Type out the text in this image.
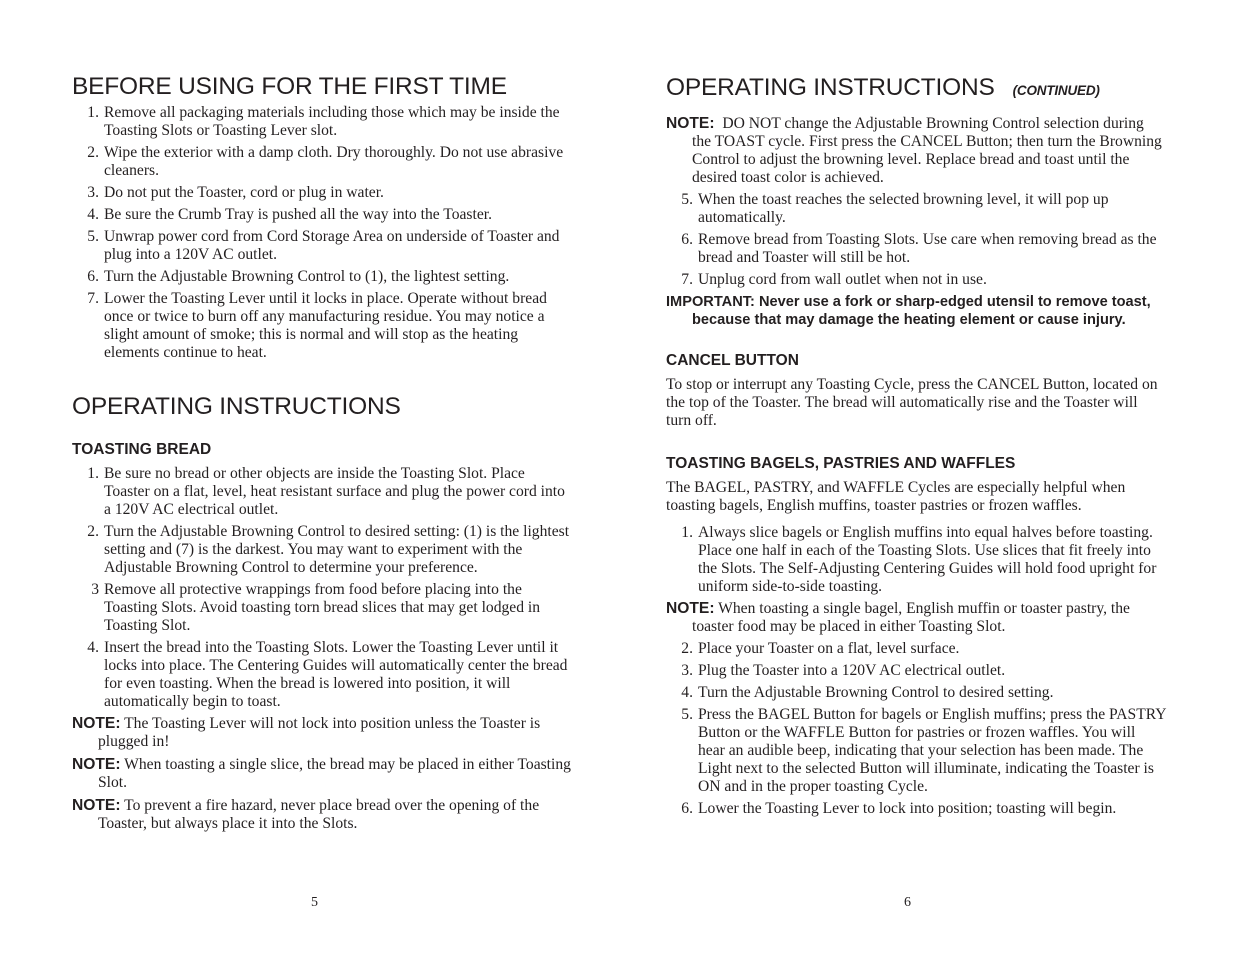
BEFORE USING FOR THE FIRST TIME
1. Remove all packaging materials including those which may be inside the Toasting Slots or Toasting Lever slot.
2. Wipe the exterior with a damp cloth. Dry thoroughly. Do not use abrasive cleaners.
3. Do not put the Toaster, cord or plug in water.
4. Be sure the Crumb Tray is pushed all the way into the Toaster.
5. Unwrap power cord from Cord Storage Area on underside of Toaster and plug into a 120V AC outlet.
6. Turn the Adjustable Browning Control to (1), the lightest setting.
7. Lower the Toasting Lever until it locks in place. Operate without bread once or twice to burn off any manufacturing residue. You may notice a slight amount of smoke; this is normal and will stop as the heating elements continue to heat.
OPERATING INSTRUCTIONS
TOASTING BREAD
1. Be sure no bread or other objects are inside the Toasting Slot. Place Toaster on a flat, level, heat resistant surface and plug the power cord into a 120V AC electrical outlet.
2. Turn the Adjustable Browning Control to desired setting: (1) is the lightest setting and (7) is the darkest. You may want to experiment with the Adjustable Browning Control to determine your preference.
3 Remove all protective wrappings from food before placing into the Toasting Slots. Avoid toasting torn bread slices that may get lodged in Toasting Slot.
4. Insert the bread into the Toasting Slots. Lower the Toasting Lever until it locks into place. The Centering Guides will automatically center the bread for even toasting. When the bread is lowered into position, it will automatically begin to toast.
NOTE: The Toasting Lever will not lock into position unless the Toaster is plugged in!
NOTE: When toasting a single slice, the bread may be placed in either Toasting Slot.
NOTE: To prevent a fire hazard, never place bread over the opening of the Toaster, but always place it into the Slots.
5
OPERATING INSTRUCTIONS (CONTINUED)
NOTE: DO NOT change the Adjustable Browning Control selection during the TOAST cycle. First press the CANCEL Button; then turn the Browning Control to adjust the browning level. Replace bread and toast until the desired toast color is achieved.
5. When the toast reaches the selected browning level, it will pop up automatically.
6. Remove bread from Toasting Slots. Use care when removing bread as the bread and Toaster will still be hot.
7. Unplug cord from wall outlet when not in use.
IMPORTANT: Never use a fork or sharp-edged utensil to remove toast, because that may damage the heating element or cause injury.
CANCEL BUTTON
To stop or interrupt any Toasting Cycle, press the CANCEL Button, located on the top of the Toaster. The bread will automatically rise and the Toaster will turn off.
TOASTING BAGELS, PASTRIES AND WAFFLES
The BAGEL, PASTRY, and WAFFLE Cycles are especially helpful when toasting bagels, English muffins, toaster pastries or frozen waffles.
1. Always slice bagels or English muffins into equal halves before toasting. Place one half in each of the Toasting Slots. Use slices that fit freely into the Slots. The Self-Adjusting Centering Guides will hold food upright for uniform side-to-side toasting.
NOTE: When toasting a single bagel, English muffin or toaster pastry, the toaster food may be placed in either Toasting Slot.
2. Place your Toaster on a flat, level surface.
3. Plug the Toaster into a 120V AC electrical outlet.
4. Turn the Adjustable Browning Control to desired setting.
5. Press the BAGEL Button for bagels or English muffins; press the PASTRY Button or the WAFFLE Button for pastries or frozen waffles. You will hear an audible beep, indicating that your selection has been made. The Light next to the selected Button will illuminate, indicating the Toaster is ON and in the proper toasting Cycle.
6. Lower the Toasting Lever to lock into position; toasting will begin.
6
